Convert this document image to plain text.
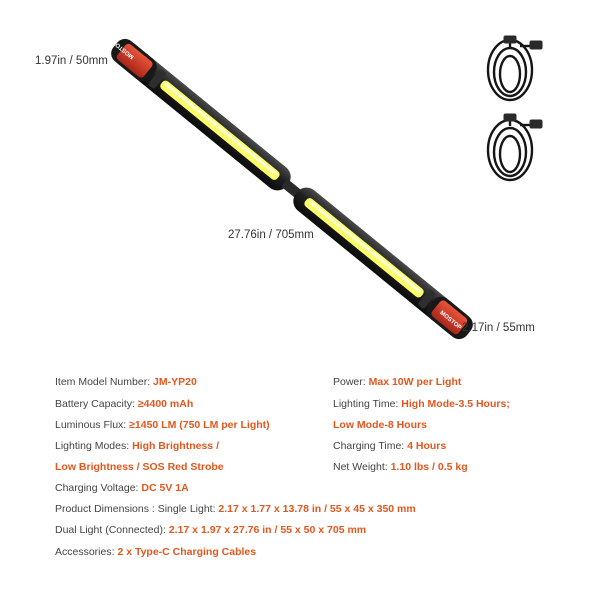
MOSTOP
MOSTOP
1.97in / 50mm
27.76in / 705mm
2.17in / 55mm
Item Model Number: JM-YP20
Battery Capacity: ≥4400 mAh
Luminous Flux: ≥1450 LM (750 LM per Light)
Lighting Modes: High Brightness /
Low Brightness / SOS Red Strobe
Charging Voltage: DC 5V 1A
Product Dimensions : Single Light: 2.17 x 1.77 x 13.78 in / 55 x 45 x 350 mm
Dual Light (Connected): 2.17 x 1.97 x 27.76 in / 55 x 50 x 705 mm
Accessories: 2 x Type-C Charging Cables
Power: Max 10W per Light
Lighting Time: High Mode-3.5 Hours;
Low Mode-8 Hours
Charging Time: 4 Hours
Net Weight: 1.10 lbs / 0.5 kg
